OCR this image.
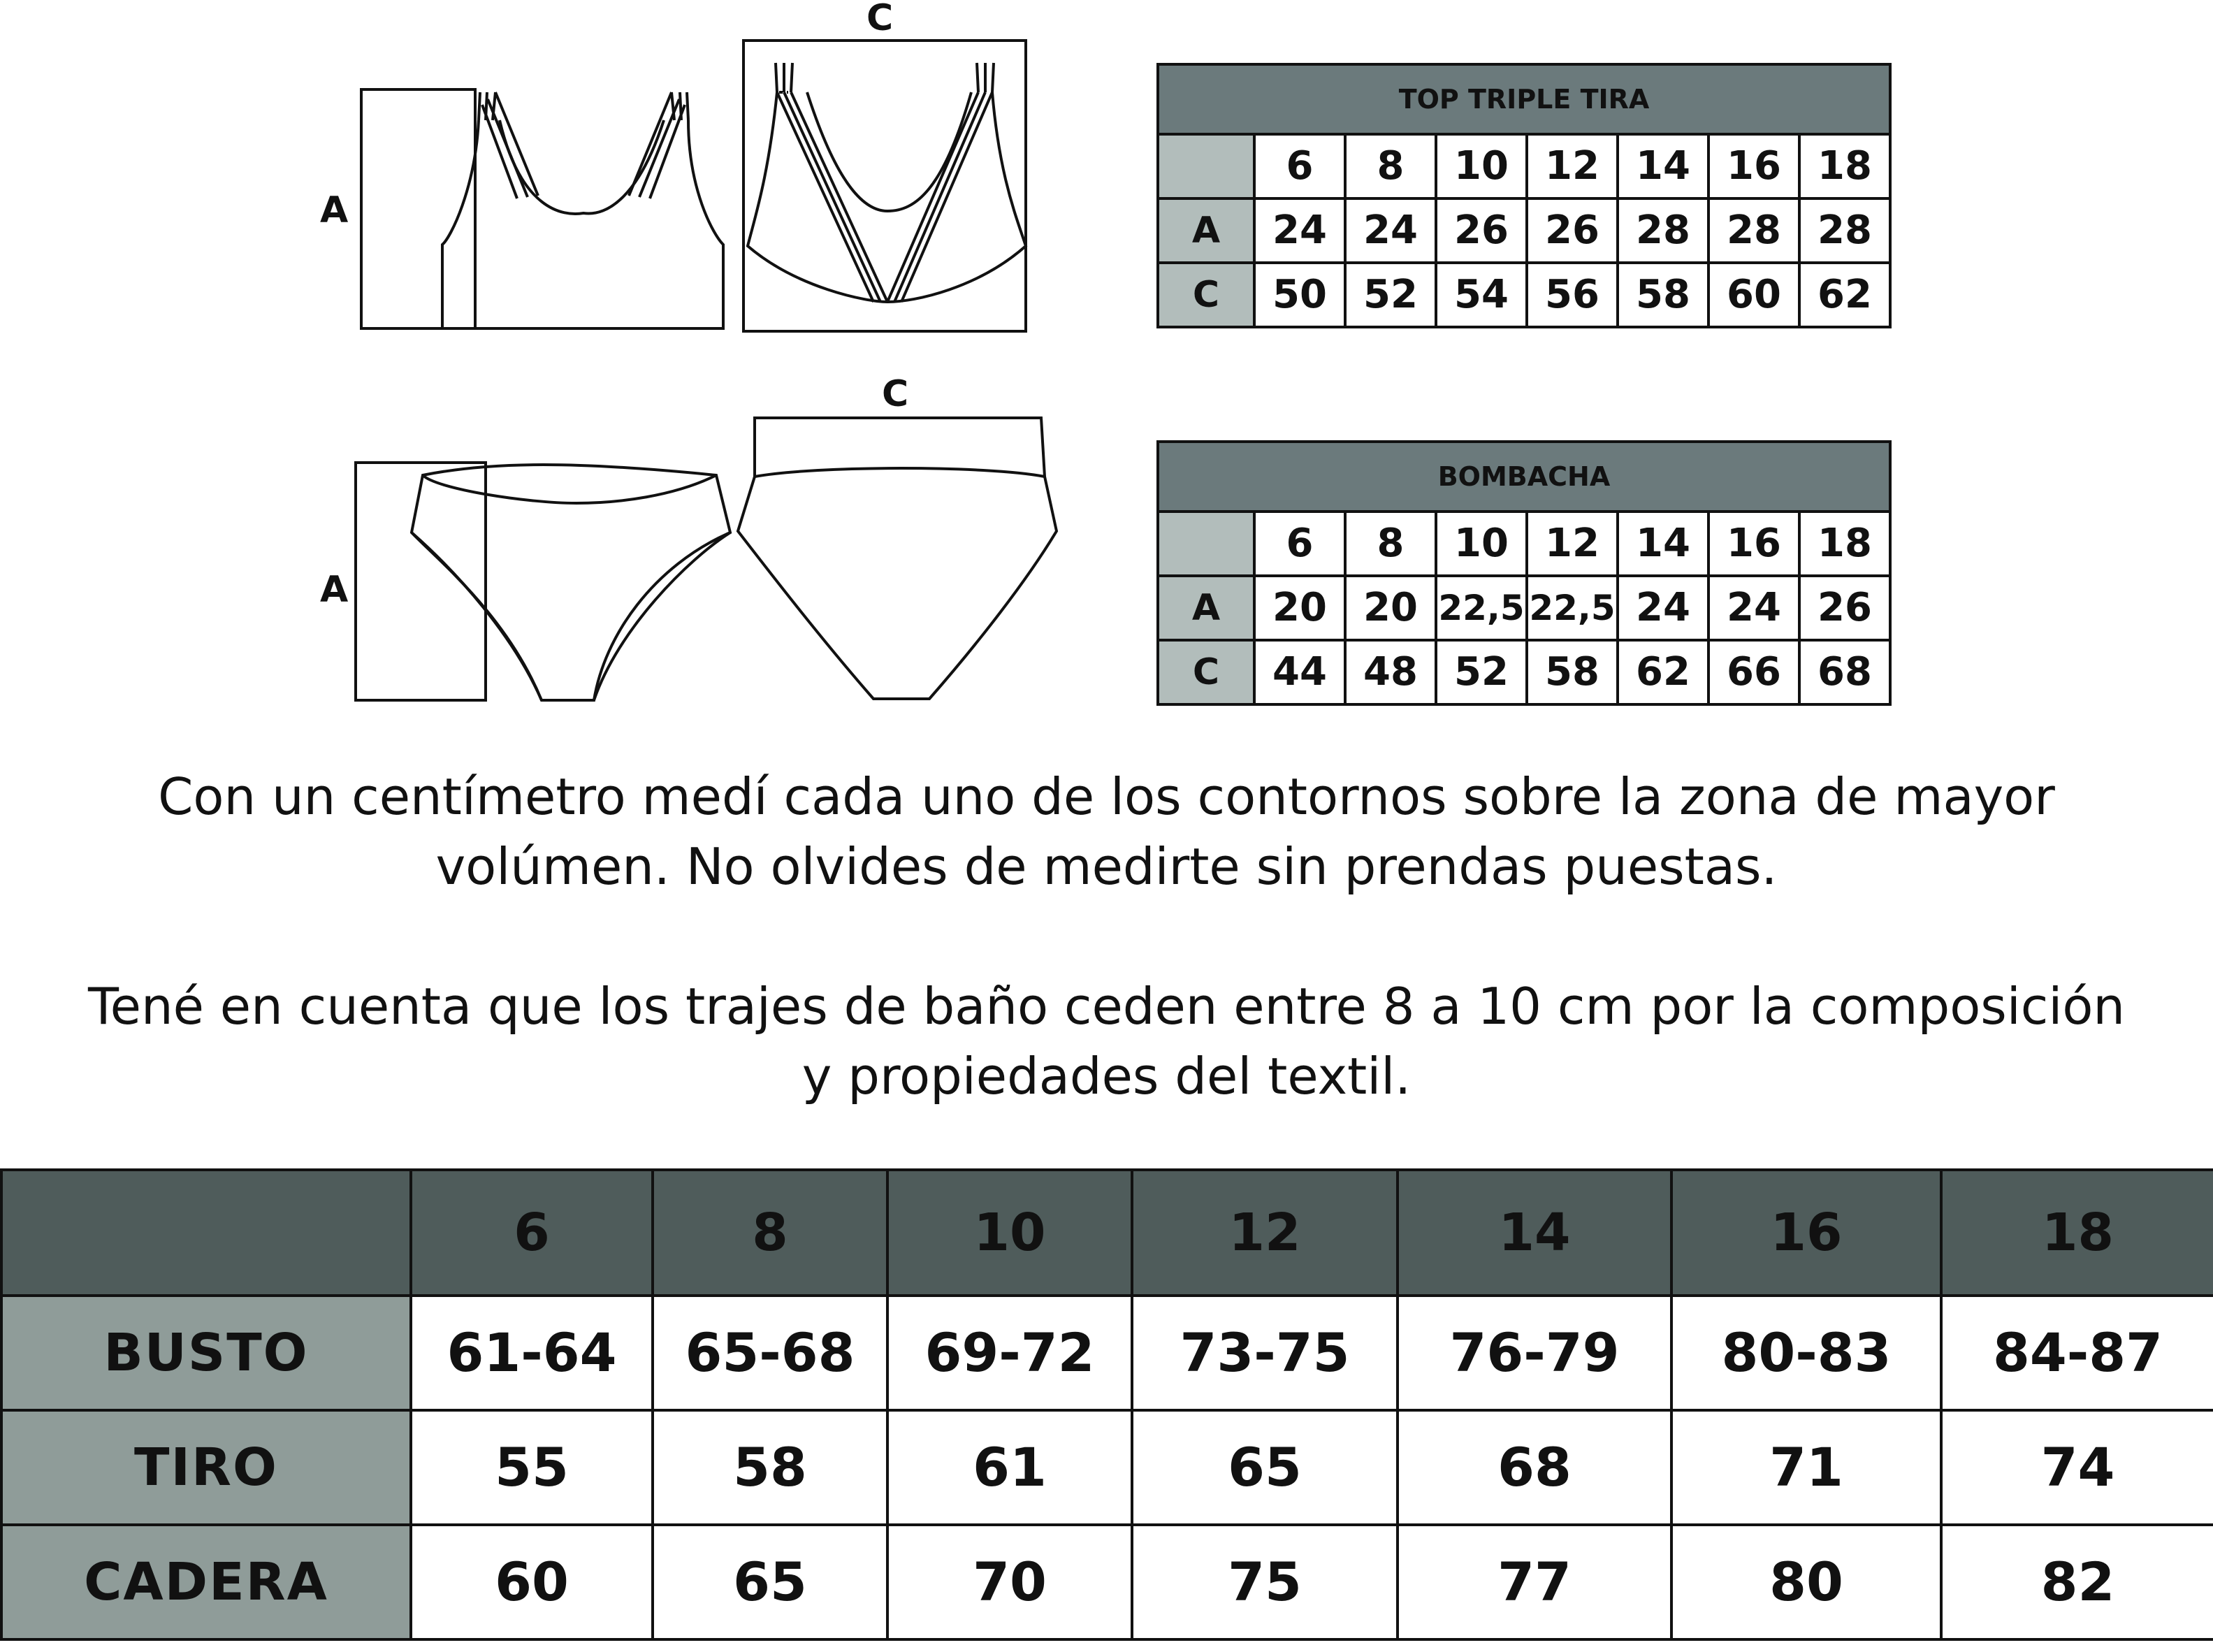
A
C
TOP TRIPLE TIRA							
	6	8	10	12	14	16	18
A	24	24	26	26	28	28	28
C	50	52	54	56	58	60	62
A
C
BOMBACHA							
	6	8	10	12	14	16	18
A	20	20	22,5	22,5	24	24	26
C	44	48	52	58	62	66	68
Con un centímetro medí cada uno de los contornos sobre la zona de mayor
volúmen. No olvides de medirte sin prendas puestas.
Tené en cuenta que los trajes de baño ceden entre 8 a 10 cm por la composición
y propiedades del textil.
	6	8	10	12	14	16	18
BUSTO	61-64	65-68	69-72	73-75	76-79	80-83	84-87
TIRO	55	58	61	65	68	71	74
CADERA	60	65	70	75	77	80	82
